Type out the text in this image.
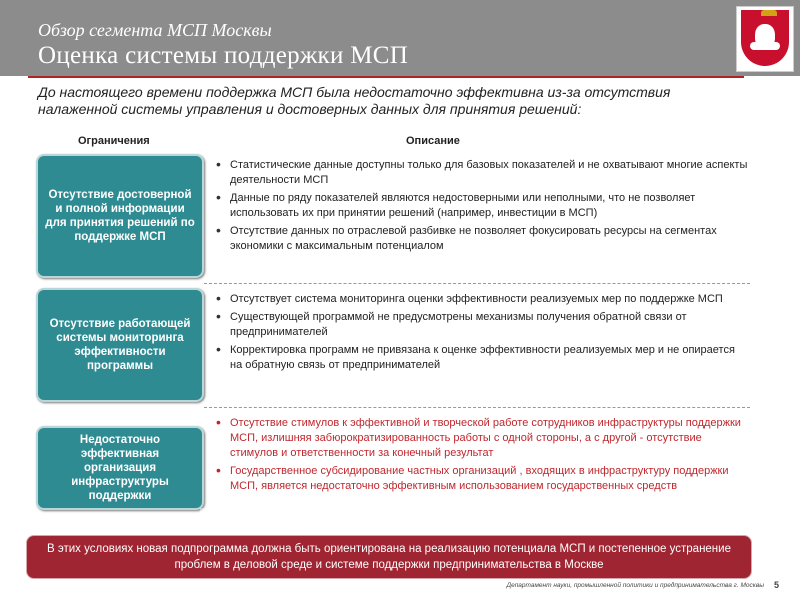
Обзор сегмента МСП Москвы
Оценка системы поддержки МСП
До настоящего времени поддержка МСП была недостаточно эффективна из-за отсутствия налаженной системы управления и достоверных данных для принятия решений:
Ограничения	Описание
Отсутствие достоверной и полной информации для принятия решений по поддержке МСП
• Статистические данные доступны только для базовых показателей и не охватывают многие аспекты деятельности МСП
• Данные по ряду показателей являются недостоверными или неполными, что не позволяет использовать их при принятии решений (например, инвестиции в МСП)
• Отсутствие данных по отраслевой разбивке не позволяет фокусировать ресурсы на сегментах экономики с максимальным потенциалом
Отсутствие работающей системы мониторинга эффективности программы
• Отсутствует система мониторинга оценки эффективности реализуемых мер по поддержке МСП
• Существующей программой не предусмотрены механизмы получения обратной связи от предпринимателей
• Корректировка программ не привязана к оценке эффективности реализуемых мер и не опирается на обратную связь от предпринимателей
Недостаточно эффективная организация инфраструктуры поддержки
• Отсутствие стимулов к эффективной и творческой работе сотрудников инфраструктуры поддержки МСП, излишняя забюрократизированность работы с одной стороны, а с другой - отсутствие стимулов и ответственности за конечный результат
• Государственное субсидирование частных организаций , входящих в инфраструктуру поддержки МСП, является недостаточно эффективным использованием государственных средств
В этих условиях новая подпрограмма должна быть ориентирована на реализацию потенциала МСП и постепенное устранение проблем в деловой среде и системе поддержки предпринимательства в Москве
Департамент науки, промышленной политики и предпринимательства г. Москвы 5
